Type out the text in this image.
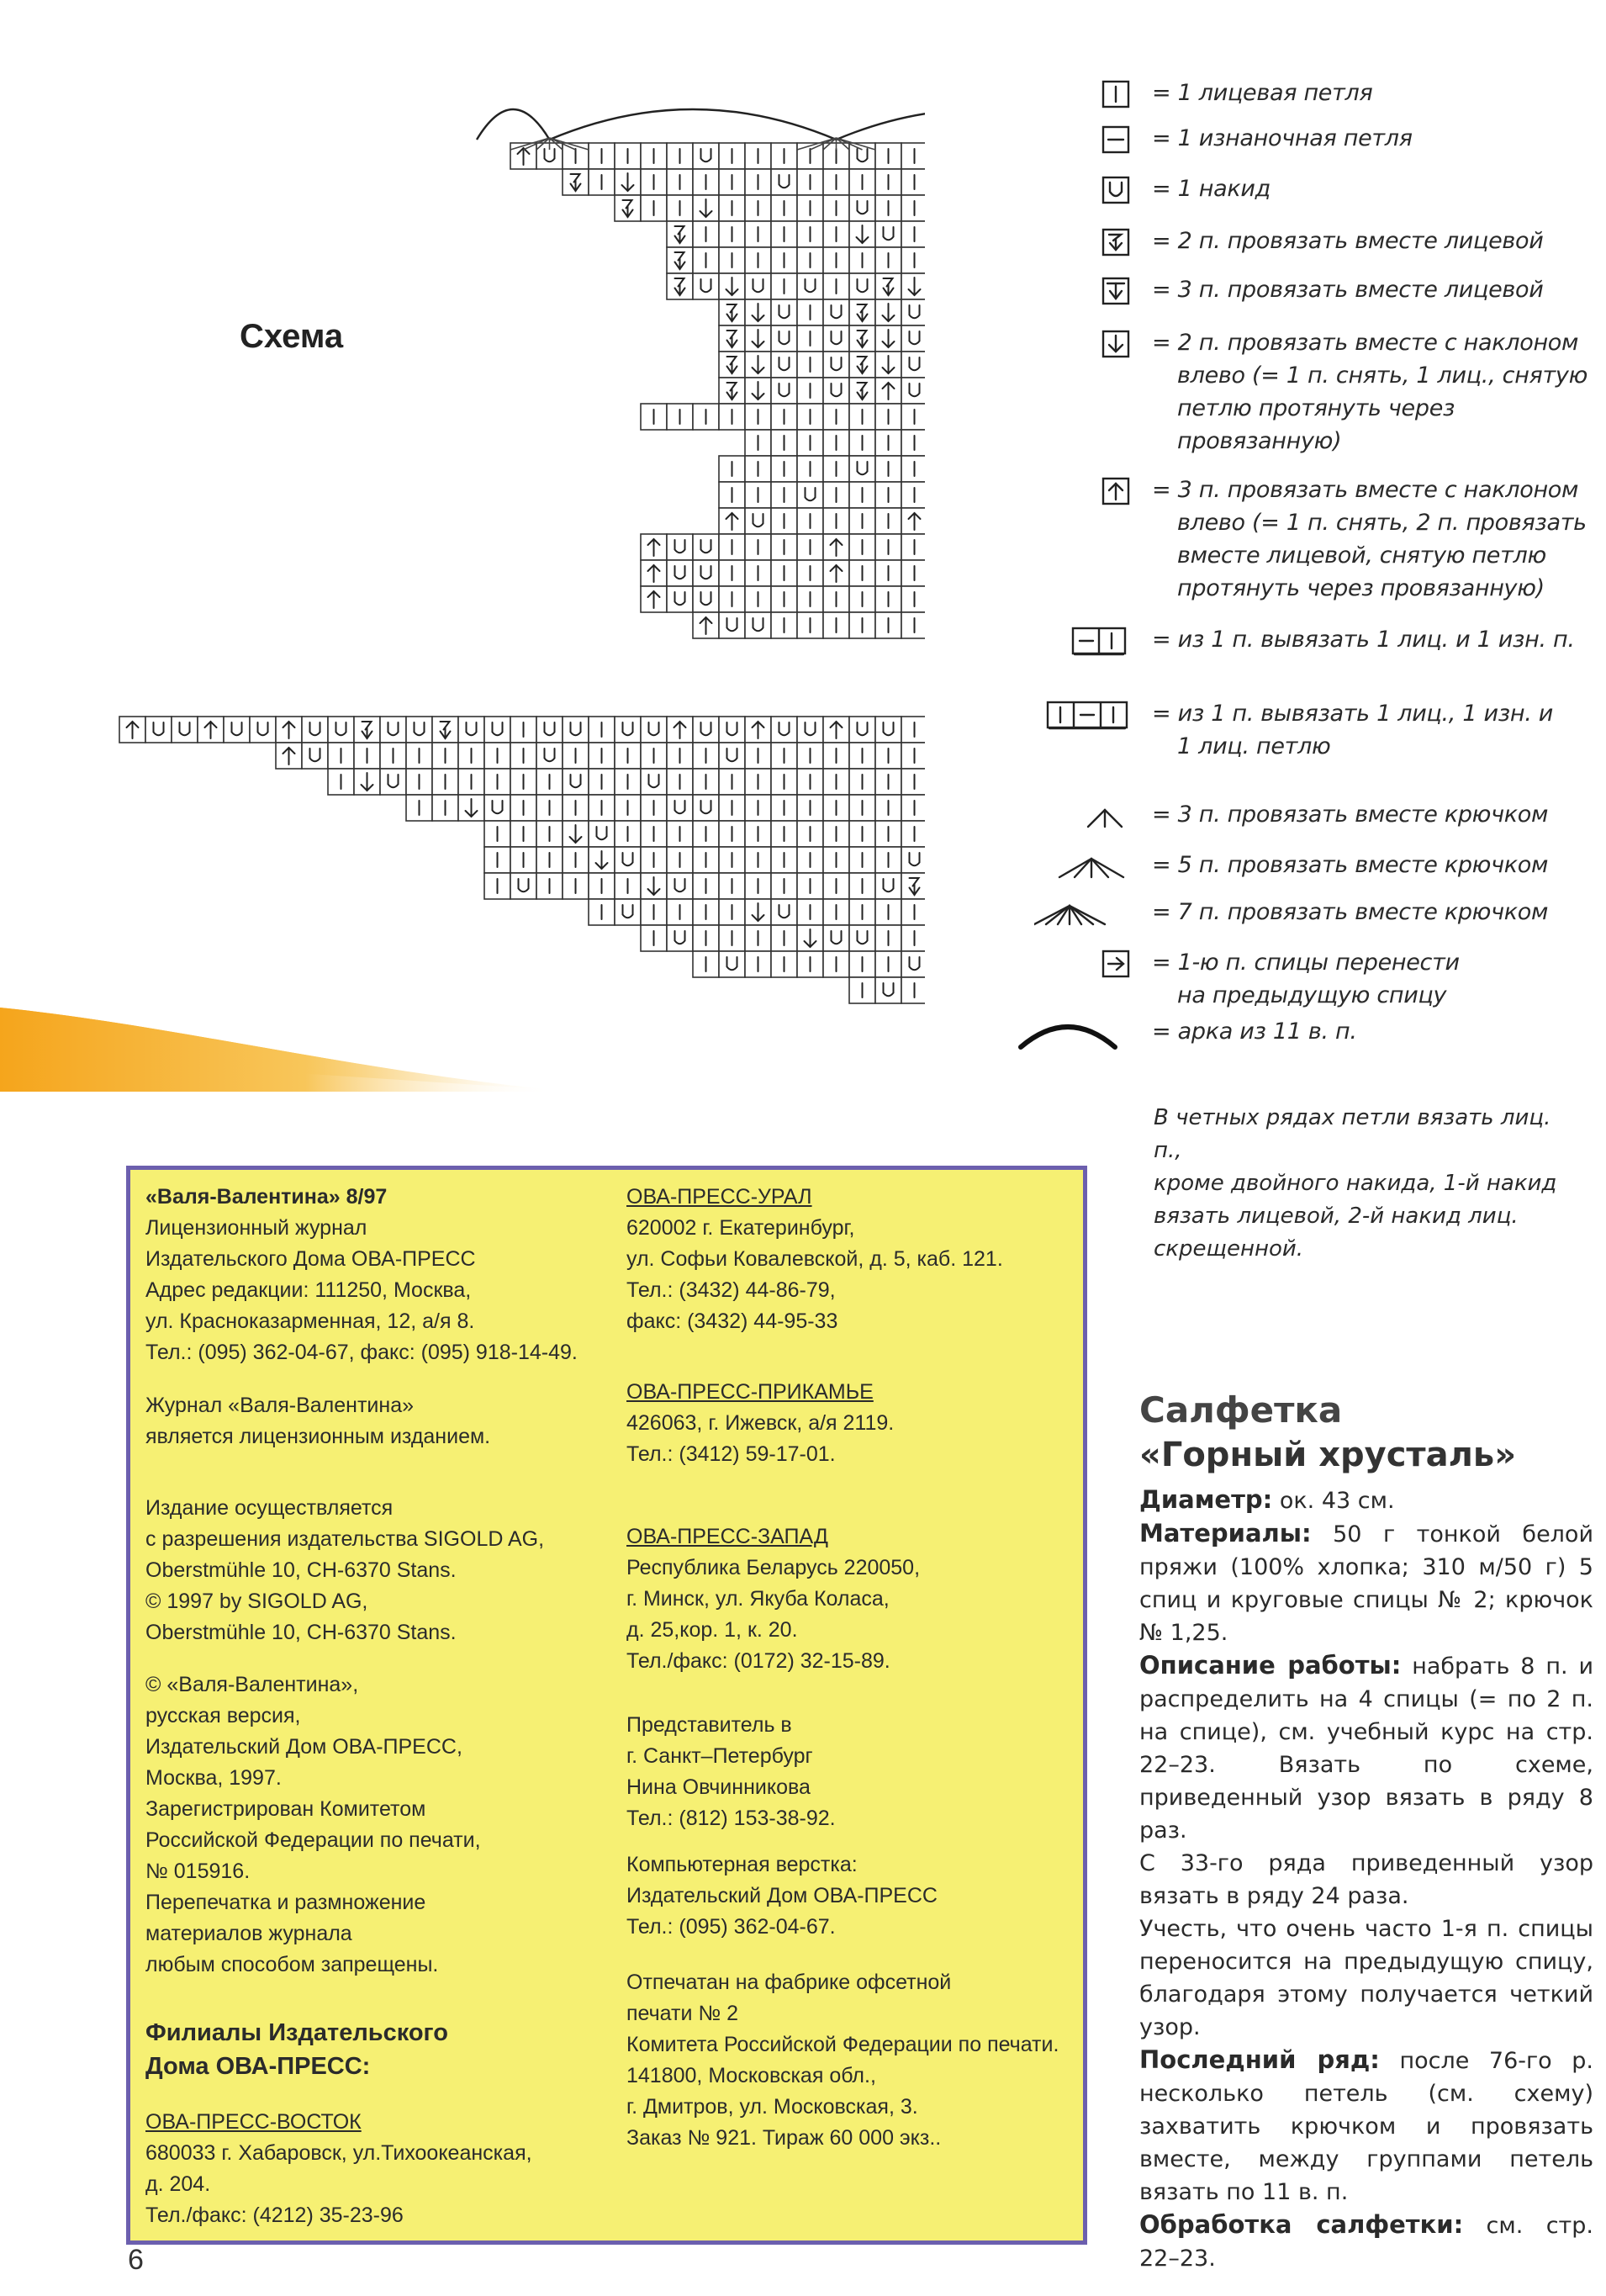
Схема
= 1 лицевая петля
= 1 изнаночная петля
= 1 накид
= 2 п. провязать вместе лицевой
= 3 п. провязать вместе лицевой
= 2 п. провязать вместе с наклоном
влево (= 1 п. снять, 1 лиц., снятую
петлю протянуть через провязанную)
= 3 п. провязать вместе с наклоном
влево (= 1 п. снять, 2 п. провязать
вместе лицевой, снятую петлю
протянуть через провязанную)
= из 1 п. вывязать 1 лиц. и 1 изн. п.
= из 1 п. вывязать 1 лиц., 1 изн. и
1 лиц. петлю
= 3 п. провязать вместе крючком
= 5 п. провязать вместе крючком
= 7 п. провязать вместе крючком
= 1-ю п. спицы перенести
на предыдущую спицу
= арка из 11 в. п.
В четных рядах петли вязать лиц. п.,
кроме двойного накида, 1-й накид
вязать лицевой, 2-й накид лиц.
скрещенной.
«Валя-Валентина» 8/97
Лицензионный журнал
Издательского Дома ОВА-ПРЕСС
Адрес редакции: 111250, Москва,
ул. Красноказарменная, 12, а/я 8.
Тел.: (095) 362-04-67, факс: (095) 918-14-49.
Журнал «Валя-Валентина»
является лицензионным изданием.
Издание осуществляется
с разрешения издательства SIGOLD AG,
Oberstmühle 10, CH-6370 Stans.
© 1997 by SIGOLD AG,
Oberstmühle 10, CH-6370 Stans.
© «Валя-Валентина»,
русская версия,
Издательский Дом ОВА-ПРЕСС,
Москва, 1997.
Зарегистрирован Комитетом
Российской Федерации по печати,
№ 015916.
Перепечатка и размножение
материалов журнала
любым способом запрещены.
Филиалы Издательского
Дома ОВА-ПРЕСС:
ОВА-ПРЕСС-ВОСТОК
680033 г. Хабаровск, ул.Тихоокеанская,
д. 204.
Тел./факс: (4212) 35-23-96
ОВА-ПРЕСС-УРАЛ
620002 г. Екатеринбург,
ул. Софьи Ковалевской, д. 5, каб. 121.
Тел.: (3432) 44-86-79,
факс: (3432) 44-95-33
ОВА-ПРЕСС-ПРИКАМЬЕ
426063, г. Ижевск, а/я 2119.
Тел.: (3412) 59-17-01.
ОВА-ПРЕСС-ЗАПАД
Республика Беларусь 220050,
г. Минск, ул. Якуба Коласа,
д. 25,кор. 1, к. 20.
Тел./факс: (0172) 32-15-89.
Представитель в
г. Санкт–Петербург
Нина Овчинникова
Тел.: (812) 153-38-92.
Компьютерная верстка:
Издательский Дом ОВА-ПРЕСС
Тел.: (095) 362-04-67.
Отпечатан на фабрике офсетной
печати № 2
Комитета Российской Федерации по печати.
141800, Московская обл.,
г. Дмитров, ул. Московская, 3.
Заказ № 921. Тираж 60 000 экз..
Салфетка
«Горный хрусталь»

Диаметр: ок. 43 см.

Материалы: 50 г тонкой белой пряжи (100% хлопка; 310 м/50 г) 5 спиц и круговые спицы № 2; крючок № 1,25.

Описание работы: набрать 8 п. и распределить на 4 спицы (= по 2 п. на спице), см. учебный курс на стр. 22–23. Вязать по схеме, приведенный узор вязать в ряду 8 раз.

С 33-го ряда приведенный узор вязать в ряду 24 раза.

Учесть, что очень часто 1-я п. спицы переносится на предыдущую спицу, благодаря этому получается четкий узор.

Последний ряд: после 76-го р. несколько петель (см. схему) захватить крючком и провязать вместе, между группами петель вязать по 11 в. п.

Обработка салфетки: см. стр. 22–23.

6
